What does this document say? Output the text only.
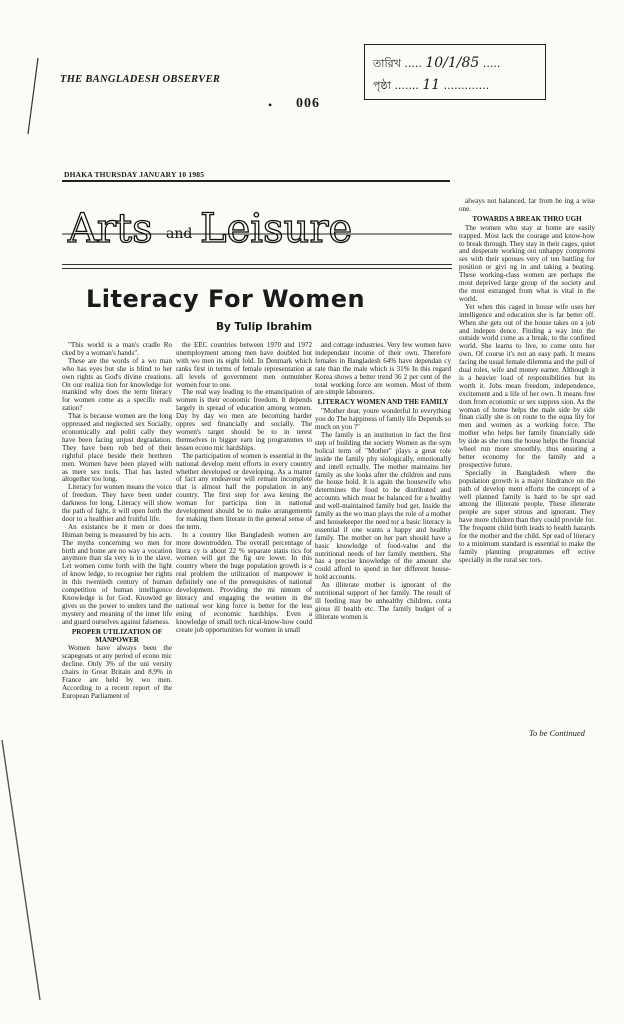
THE BANGLADESH OBSERVER
• 006
তারিখ ..... 10/1/85 .....
পৃষ্ঠা ....... 11 .............
DHAKA THURSDAY JANUARY 10 1985
Arts and Leisure
Literacy For Women
By Tulip Ibrahim

"This world is a man's cradle Ro cked by a woman's hands".

These are the words of a wo man who has eyes but she is blind to her own rights as God's divine creations. On our realiza tion for knowledge for mankind why does the term literacy for women come as a specific reali zation?

That is because women are the long oppressed and neglected sex Socially, economically and politi cally they have been facing unjust degradation. They have been rob bed of their rightful place beside their brethren men. Women have been played with as mere sex tools. That has lasted altogether too long.

Literacy for women means the voice of freedom. They have been under darkness for long. Literacy will show the path of light, it will open forth the door to a healthier and fruitful life.

An existance be it men or does Human being is measured by his acts. The myths concerning wo men for birth and home are no way a vocation anymore than sla very is to the slave. Let women come forth with the light of know ledge, to recognise her rights in this twentieth century of human competition of human intelligence Knowledge is for God. Knowled ge gives us the power to unders tand the mystery and meaning of the inner life and guard ourselves against falseness.

PROPER UTILIZATION OF MANPOWER

Women have always been the scapegoats or any period of econo mic decline. Only 3% of the uni versity chairs in Great Britain and 8.9% in France are held by wo men. According to a recent report of the European Parliament of

the EEC countries between 1970 and 1972 unemployment among men have doubled but with wo men its eight fold. In Denmark which ranks first in terms of female representation at all levels of government men outnumber women four to one.

The real way leading to the emancipation of women is their economic freedom. It depends largely in spread of education among women. Day by day wo men are becoming harder oppres sed financially and socially. The women's target should be to in terest themselves in bigger earn ing programmes to lessen econo mic hardships.

The participation of women is essential in the national develop ment efforts in every country whether developed or developing. As a matter of fact any endeavour will remain incomplete that is almost half the population in any country. The first step for awa kening the woman for participa tion in national development should be to make arrangements for making them literate in the general sense of the term.

In a country like Bangladesh women are more downtrodden. The overall percentage of litera cy is about 22 % separate statis tics for women will get the fig ure lower. In this country where the huge population growth is a real problem the utilization of manpower is definitely one of the prerequisites of national development. Providing the mi nimum of literacy and engaging the women in the national wor king force is better for the less ening of economic hardships. Even a knowledge of small tech nical-know-how could create job opportunities for women in small

and cottage industries. Very few women have independant income of their own. Therefore females in Bangladesh 64% have dependan cy rate than the male which is 31% In this regard Korea shows a better trend 36 2 per cent of the total working force are women. Most of them are simple labourers.

LITERACY WOMEN AND THE FAMILY

"Mother dear, youre wonderful In everything you do The happiness of family life Depends so much on you ?"

The family is an institution in fact the first step of building the society Women as the sym bolical term of "Mother" plays a great role inside the family phy siologically, emotionally and intell ectually. The mother maintains her family as she looks after the children and runs the house hold. It is again the housewife who determines the food to be distributed and accounts which must be balanced for a healthy and well-maintained family bud get. Inside the family as the wo man plays the role of a mother and housekeeper the need tor a basic literacy is essential if one wants a happy and healthy family. The mother on her part should have a basic knowledge of food-value and the nutritional needs of her family members. She has a precise knowledge of the amount she could afford to spend in her different house-hold accounts.

An illiterate mother is ignorant of the nutritional support of her family. The result of ill feeding may be unhealthy children, conta gious ill health etc. The family budget of a illiterate women is

always not balanced, far from be ing a wise one.

TOWARDS A BREAK THRO UGH

The women who stay at home are easily trapped. Most lack the courage and know-how to break through. They stay in their cages, quiet and desperate working out unhappy compromi ses with their spouses very of ten battling for position or givi ng in and taking a beating. These working-class women are perhaps the most deprived large group of the society and the most estranged from what is vital in the world.

Yet when this caged in house wife uses her intelligence and education she is far better off. When she gets out of the house takes on a job and indepen dence. Finding a way into the outside world come as a break, to the confined world. She learns to live, to come onto her own. Of course it's not an easy path. It means facing the usual female dilemma and the pull of dual roles, wife and money earner. Although it is a heavier load of responsibilities but its worth it. Jobs mean freedom, independence, excitement and a life of her own. It means free dom from economic or sex suppres sion. As the woman of home helps the male side by side finan cially she is on route to the equa lity for men and women as a working force. The mother who helps her family financially side by side as she runs the house helps the financial wheel run more smoothly, thus ensuring a better economy for the family and a prospective future.

Specially in Bangladesh where the population growth is a major hindrance on the path of develop ment efforts the concept of a well planned family is hard to be spr ead among the illiterate people. These illeterate people are super stitous and ignorant. They have more children than they could provide for. The frequent child birth leads to health hazards for the mother and the child. Spr ead of literacy to a minimum standard is essential to make the family planning programmes eff ective specially in the rural sec tors.

To be Continued
